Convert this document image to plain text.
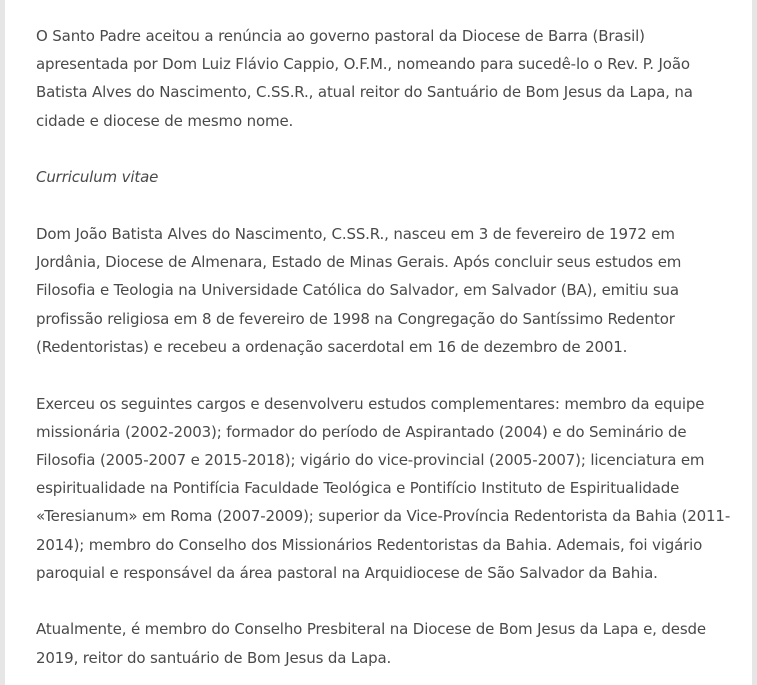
O Santo Padre aceitou a renúncia ao governo pastoral da Diocese de Barra (Brasil) apresentada por Dom Luiz Flávio Cappio, O.F.M., nomeando para sucedê-lo o Rev. P. João Batista Alves do Nascimento, C.SS.R., atual reitor do Santuário de Bom Jesus da Lapa, na cidade e diocese de mesmo nome.

Curriculum vitae

Dom João Batista Alves do Nascimento, C.SS.R., nasceu em 3 de fevereiro de 1972 em Jordânia, Diocese de Almenara, Estado de Minas Gerais. Após concluir seus estudos em Filosofia e Teologia na Universidade Católica do Salvador, em Salvador (BA), emitiu sua profissão religiosa em 8 de fevereiro de 1998 na Congregação do Santíssimo Redentor (Redentoristas) e recebeu a ordenação sacerdotal em 16 de dezembro de 2001.

Exerceu os seguintes cargos e desenvolveru estudos complementares: membro da equipe missionária (2002-2003); formador do período de Aspirantado (2004) e do Seminário de Filosofia (2005-2007 e 2015-2018); vigário do vice-provincial (2005-2007); licenciatura em espiritualidade na Pontifícia Faculdade Teológica e Pontifício Instituto de Espiritualidade «Teresianum» em Roma (2007-2009); superior da Vice-Província Redentorista da Bahia (2011-2014); membro do Conselho dos Missionários Redentoristas da Bahia. Ademais, foi vigário paroquial e responsável da área pastoral na Arquidiocese de São Salvador da Bahia.

Atualmente, é membro do Conselho Presbiteral na Diocese de Bom Jesus da Lapa e, desde 2019, reitor do santuário de Bom Jesus da Lapa.
